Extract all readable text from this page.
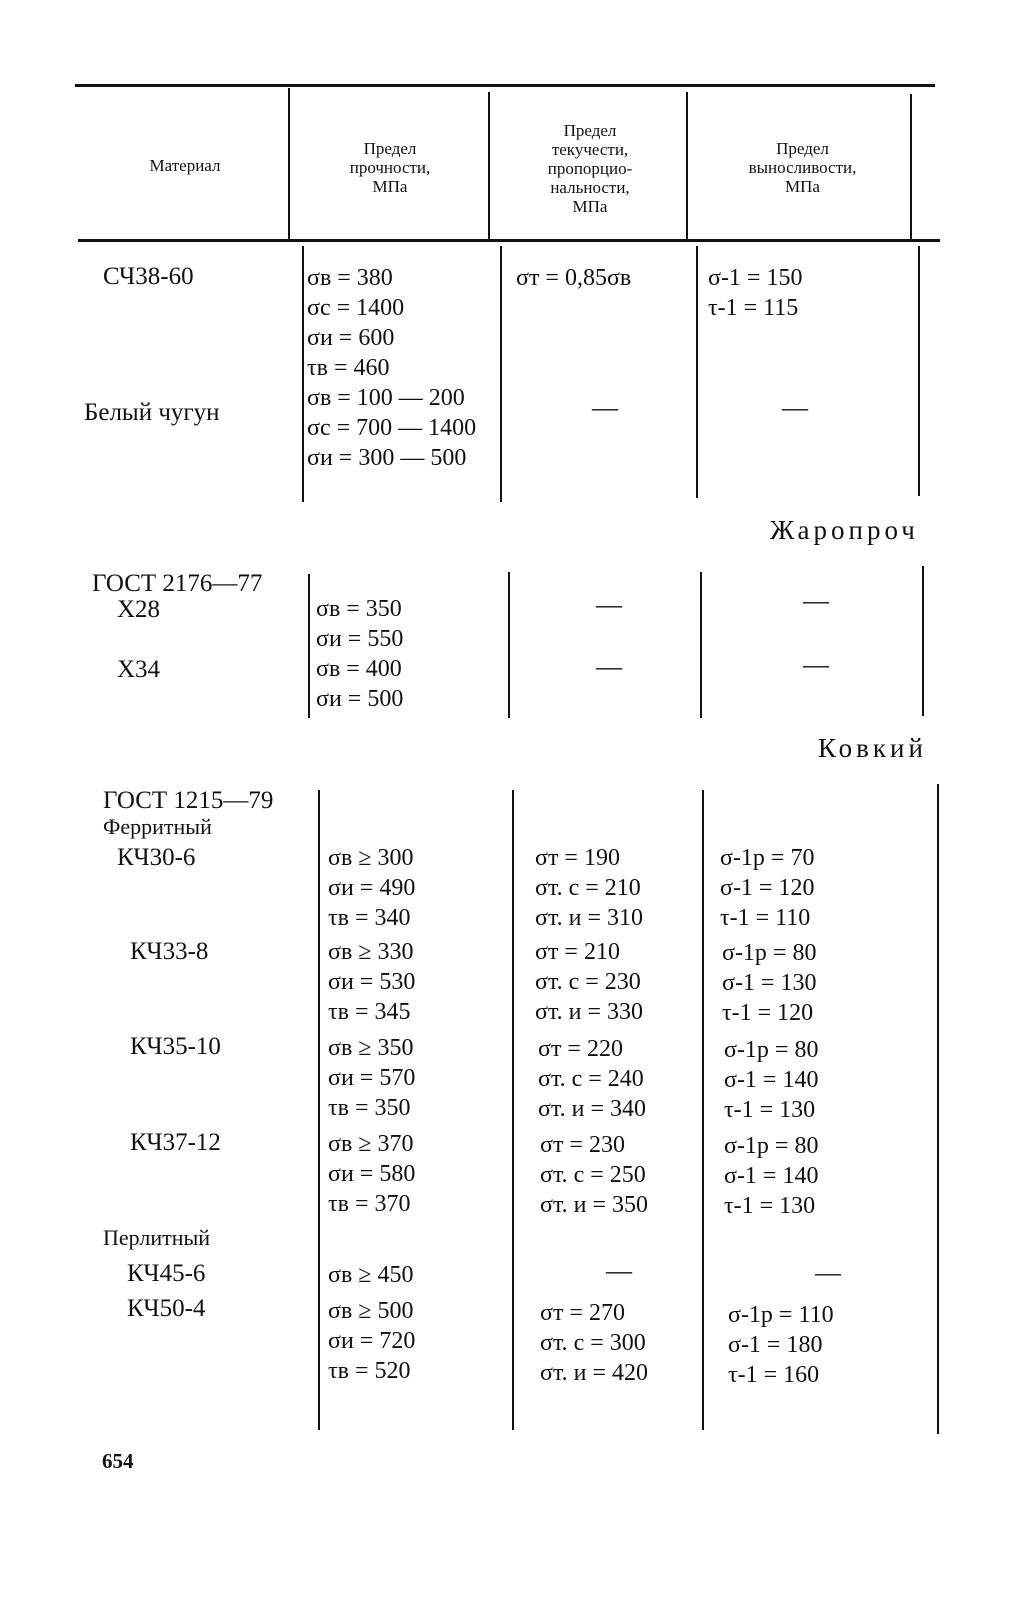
Материал
Предел
прочности,
МПа
Предел
текучести,
пропорцио-
нальности,
МПа
Предел
выносливости,
МПа
СЧ38-60
Белый чугун
σв = 380
σс = 1400
σи = 600
τв = 460
σв = 100 — 200
σс = 700 — 1400
σи = 300 — 500
σт = 0,85σв
—
σ-1 = 150
τ-1 = 115
—
Жаропроч
ГОСТ 2176—77
Х28
Х34
σв = 350
σи = 550
σв = 400
σи = 500
—
—
—
—
Ковкий
ГОСТ 1215—79
Ферритный
КЧ30-6
КЧ33-8
КЧ35-10
КЧ37-12
Перлитный
КЧ45-6
КЧ50-4
σв ≥ 300
σи = 490
τв = 340
σв ≥ 330
σи = 530
τв = 345
σв ≥ 350
σи = 570
τв = 350
σв ≥ 370
σи = 580
τв = 370
σв ≥ 450
σв ≥ 500
σи = 720
τв = 520
σт = 190
σт. с = 210
σт. и = 310
σт = 210
σт. с = 230
σт. и = 330
σт = 220
σт. с = 240
σт. и = 340
σт = 230
σт. с = 250
σт. и = 350
—
σт = 270
σт. с = 300
σт. и = 420
σ-1р = 70
σ-1 = 120
τ-1 = 110
σ-1р = 80
σ-1 = 130
τ-1 = 120
σ-1р = 80
σ-1 = 140
τ-1 = 130
σ-1р = 80
σ-1 = 140
τ-1 = 130
—
σ-1р = 110
σ-1 = 180
τ-1 = 160
654
